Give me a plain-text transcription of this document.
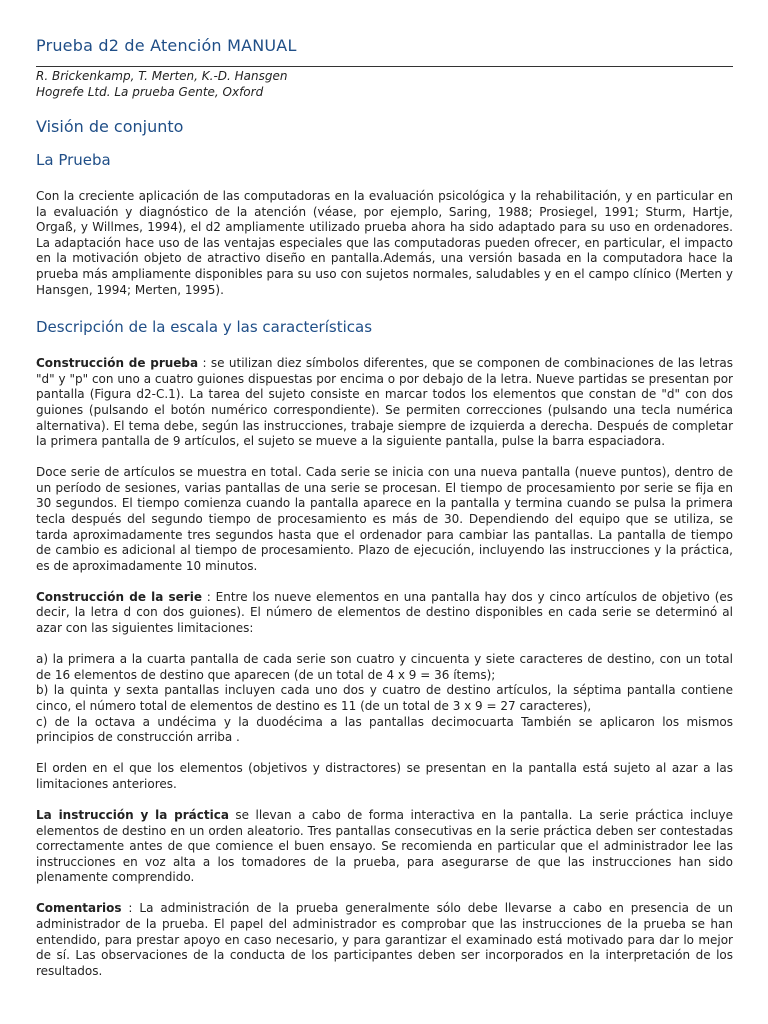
Prueba d2 de Atención MANUAL
R. Brickenkamp, T. Merten, K.-D. Hansgen
Hogrefe Ltd. La prueba Gente, Oxford
Visión de conjunto
La Prueba

Con la creciente aplicación de las computadoras en la evaluación psicológica y la rehabilitación, y en particular en la evaluación y diagnóstico de la atención (véase, por ejemplo, Saring, 1988; Prosiegel, 1991; Sturm, Hartje, Orgaß, y Willmes, 1994), el d2 ampliamente utilizado prueba ahora ha sido adaptado para su uso en ordenadores. La adaptación hace uso de las ventajas especiales que las computadoras pueden ofrecer, en particular, el impacto en la motivación objeto de atractivo diseño en pantalla.Además, una versión basada en la computadora hace la prueba más ampliamente disponibles para su uso con sujetos normales, saludables y en el campo clínico (Merten y Hansgen, 1994; Merten, 1995).

Descripción de la escala y las características

Construcción de prueba : se utilizan diez símbolos diferentes, que se componen de combinaciones de las letras "d" y "p" con uno a cuatro guiones dispuestas por encima o por debajo de la letra. Nueve partidas se presentan por pantalla (Figura d2-C.1). La tarea del sujeto consiste en marcar todos los elementos que constan de "d" con dos guiones (pulsando el botón numérico correspondiente). Se permiten correcciones (pulsando una tecla numérica alternativa). El tema debe, según las instrucciones, trabaje siempre de izquierda a derecha. Después de completar la primera pantalla de 9 artículos, el sujeto se mueve a la siguiente pantalla, pulse la barra espaciadora.

Doce serie de artículos se muestra en total. Cada serie se inicia con una nueva pantalla (nueve puntos), dentro de un período de sesiones, varias pantallas de una serie se procesan. El tiempo de procesamiento por serie se fija en 30 segundos. El tiempo comienza cuando la pantalla aparece en la pantalla y termina cuando se pulsa la primera tecla después del segundo tiempo de procesamiento es más de 30. Dependiendo del equipo que se utiliza, se tarda aproximadamente tres segundos hasta que el ordenador para cambiar las pantallas. La pantalla de tiempo de cambio es adicional al tiempo de procesamiento. Plazo de ejecución, incluyendo las instrucciones y la práctica, es de aproximadamente 10 minutos.

Construcción de la serie : Entre los nueve elementos en una pantalla hay dos y cinco artículos de objetivo (es decir, la letra d con dos guiones). El número de elementos de destino disponibles en cada serie se determinó al azar con las siguientes limitaciones:

a) la primera a la cuarta pantalla de cada serie son cuatro y cincuenta y siete caracteres de destino, con un total de 16 elementos de destino que aparecen (de un total de 4 x 9 = 36 ítems);

b) la quinta y sexta pantallas incluyen cada uno dos y cuatro de destino artículos, la séptima pantalla contiene cinco, el número total de elementos de destino es 11 (de un total de 3 x 9 = 27 caracteres),

c) de la octava a undécima y la duodécima a las pantallas decimocuarta También se aplicaron los mismos principios de construcción arriba .

El orden en el que los elementos (objetivos y distractores) se presentan en la pantalla está sujeto al azar a las limitaciones anteriores.

La instrucción y la práctica se llevan a cabo de forma interactiva en la pantalla. La serie práctica incluye elementos de destino en un orden aleatorio. Tres pantallas consecutivas en la serie práctica deben ser contestadas correctamente antes de que comience el buen ensayo. Se recomienda en particular que el administrador lee las instrucciones en voz alta a los tomadores de la prueba, para asegurarse de que las instrucciones han sido plenamente comprendido.

Comentarios : La administración de la prueba generalmente sólo debe llevarse a cabo en presencia de un administrador de la prueba. El papel del administrador es comprobar que las instrucciones de la prueba se han entendido, para prestar apoyo en caso necesario, y para garantizar el examinado está motivado para dar lo mejor de sí. Las observaciones de la conducta de los participantes deben ser incorporados en la interpretación de los resultados.
